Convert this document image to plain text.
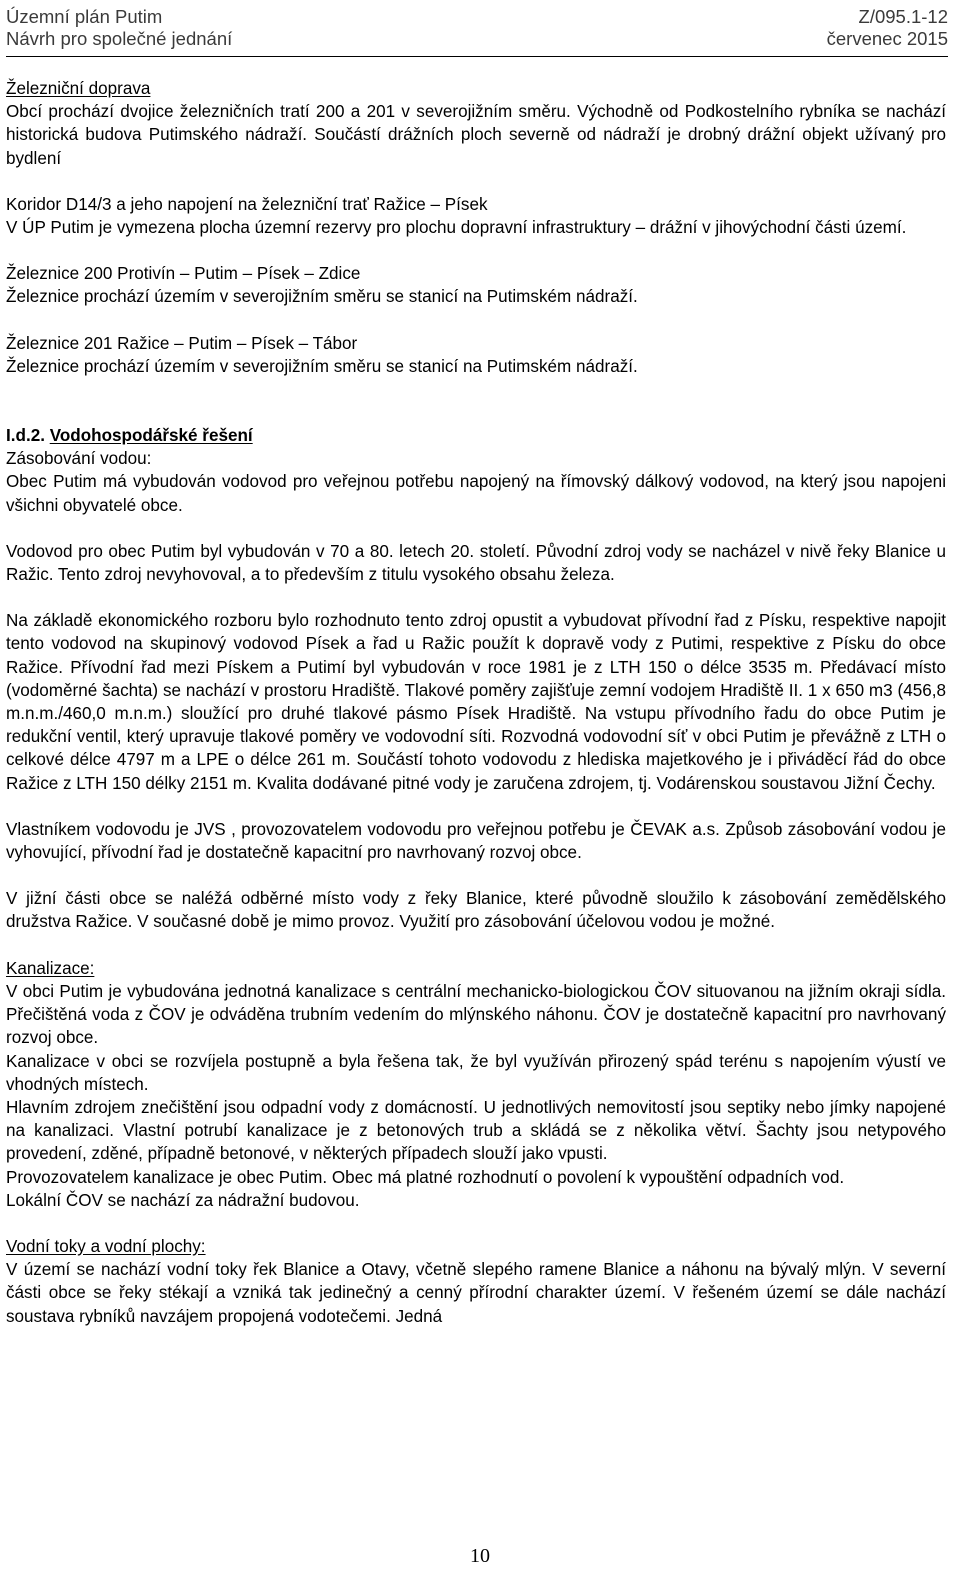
Územní plán Putim	Z/095.1-12
Návrh pro společné jednání	červenec 2015

Železniční doprava
Obcí prochází dvojice železničních tratí 200 a 201 v severojižním směru. Východně od Podkostelního rybníka se nachází historická budova Putimského nádraží. Součástí drážních ploch severně od nádraží je drobný drážní objekt užívaný pro bydlení

Koridor D14/3 a jeho napojení na železniční trať Ražice – Písek
V ÚP Putim je vymezena plocha územní rezervy pro plochu dopravní infrastruktury – drážní v jihovýchodní části území.

Železnice 200 Protivín – Putim – Písek – Zdice
Železnice prochází územím v severojižním směru se stanicí na Putimském nádraží.

Železnice 201 Ražice – Putim – Písek – Tábor
Železnice prochází územím v severojižním směru se stanicí na Putimském nádraží.

I.d.2. Vodohospodářské řešení
Zásobování vodou:
Obec Putim má vybudován vodovod pro veřejnou potřebu napojený na římovský dálkový vodovod, na který jsou napojeni všichni obyvatelé obce.

Vodovod pro obec Putim byl vybudován v 70 a 80. letech 20. století. Původní zdroj vody se nacházel v nivě řeky Blanice u Ražic. Tento zdroj nevyhovoval, a to především z titulu vysokého obsahu železa.

Na základě ekonomického rozboru bylo rozhodnuto tento zdroj opustit a vybudovat přívodní řad z Písku, respektive napojit tento vodovod na skupinový vodovod Písek a řad u Ražic použít k dopravě vody z Putimi, respektive z Písku do obce Ražice. Přívodní řad mezi Pískem a Putimí byl vybudován v roce 1981 je z LTH 150 o délce 3535 m. Předávací místo (vodoměrné šachta) se nachází v prostoru Hradiště. Tlakové poměry zajišťuje zemní vodojem Hradiště II. 1 x 650 m3 (456,8 m.n.m./460,0 m.n.m.) sloužící pro druhé tlakové pásmo Písek Hradiště. Na vstupu přívodního řadu do obce Putim je redukční ventil, který upravuje tlakové poměry ve vodovodní síti. Rozvodná vodovodní síť v obci Putim je převážně z LTH o celkové délce 4797 m a LPE o délce 261 m. Součástí tohoto vodovodu z hlediska majetkového je i přiváděcí řád do obce Ražice z LTH 150 délky 2151 m. Kvalita dodávané pitné vody je zaručena zdrojem, tj. Vodárenskou soustavou Jižní Čechy.

Vlastníkem vodovodu je JVS , provozovatelem vodovodu pro veřejnou potřebu je ČEVAK a.s. Způsob zásobování vodou je vyhovující, přívodní řad je dostatečně kapacitní pro navrhovaný rozvoj obce.

V jižní části obce se naléžá odběrné místo vody z řeky Blanice, které původně sloužilo k zásobování zemědělského družstva Ražice. V současné době je mimo provoz. Využití pro zásobování účelovou vodou je možné.

Kanalizace:
V obci Putim je vybudována jednotná kanalizace s centrální mechanicko-biologickou ČOV situovanou na jižním okraji sídla. Přečištěná voda z ČOV je odváděna trubním vedením do mlýnského náhonu. ČOV je dostatečně kapacitní pro navrhovaný rozvoj obce.

Kanalizace v obci se rozvíjela postupně a byla řešena tak, že byl využíván přirozený spád terénu s napojením výustí ve vhodných místech.

Hlavním zdrojem znečištění jsou odpadní vody z domácností. U jednotlivých nemovitostí jsou septiky nebo jímky napojené na kanalizaci. Vlastní potrubí kanalizace je z betonových trub a skládá se z několika větví. Šachty jsou netypového provedení, zděné, případně betonové, v některých případech slouží jako vpusti.

Provozovatelem kanalizace je obec Putim. Obec má platné rozhodnutí o povolení k vypouštění odpadních vod.

Lokální ČOV se nachází za nádražní budovou.

Vodní toky a vodní plochy:
V území se nachází vodní toky řek Blanice a Otavy, včetně slepého ramene Blanice a náhonu na bývalý mlýn. V severní části obce se řeky stékají a vzniká tak jedinečný a cenný přírodní charakter území. V řešeném území se dále nachází soustava rybníků navzájem propojená vodotečemi. Jedná

10
